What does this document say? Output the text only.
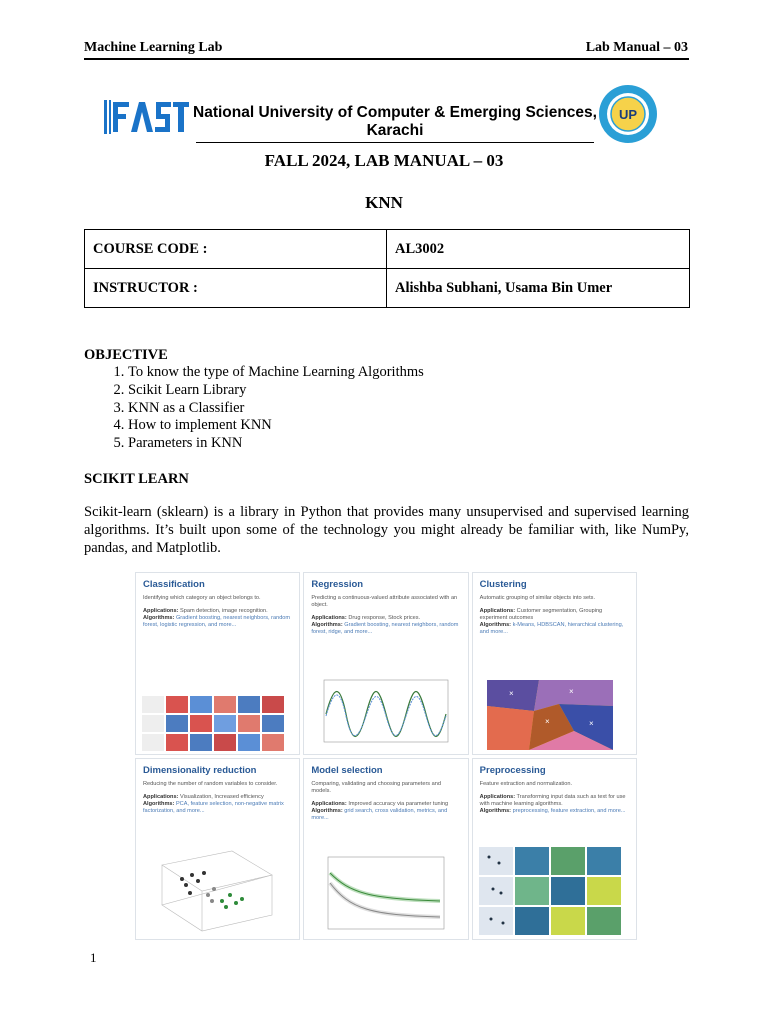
Machine Learning Lab	Lab Manual – 03
National University of Computer & Emerging Sciences,
Karachi
UP
FALL 2024, LAB MANUAL – 03
KNN
COURSE CODE :	AL3002
INSTRUCTOR :	Alishba Subhani, Usama Bin Umer
OBJECTIVE
1. To know the type of Machine Learning Algorithms
2. Scikit Learn Library
3. KNN as a Classifier
4. How to implement KNN
5. Parameters in KNN
SCIKIT LEARN
Scikit-learn (sklearn) is a library in Python that provides many unsupervised and supervised learning algorithms. It’s built upon some of the technology you might already be familiar with, like NumPy, pandas, and Matplotlib.
Classification
Identifying which category an object belongs to.
Applications: Spam detection, image recognition.
Algorithms: Gradient boosting, nearest neighbors, random forest, logistic regression, and more...
Regression
Predicting a continuous-valued attribute associated with an object.
Applications: Drug response, Stock prices.
Algorithms: Gradient boosting, nearest neighbors, random forest, ridge, and more...
Clustering
Automatic grouping of similar objects into sets.
Applications: Customer segmentation, Grouping experiment outcomes
Algorithms: k-Means, HDBSCAN, hierarchical clustering, and more...
×	×
×	×
Dimensionality reduction
Reducing the number of random variables to consider.
Applications: Visualization, Increased efficiency
Algorithms: PCA, feature selection, non-negative matrix factorization, and more...
Model selection
Comparing, validating and choosing parameters and models.
Applications: Improved accuracy via parameter tuning
Algorithms: grid search, cross validation, metrics, and more...
Preprocessing
Feature extraction and normalization.
Applications: Transforming input data such as text for use with machine learning algorithms.
Algorithms: preprocessing, feature extraction, and more...
1
